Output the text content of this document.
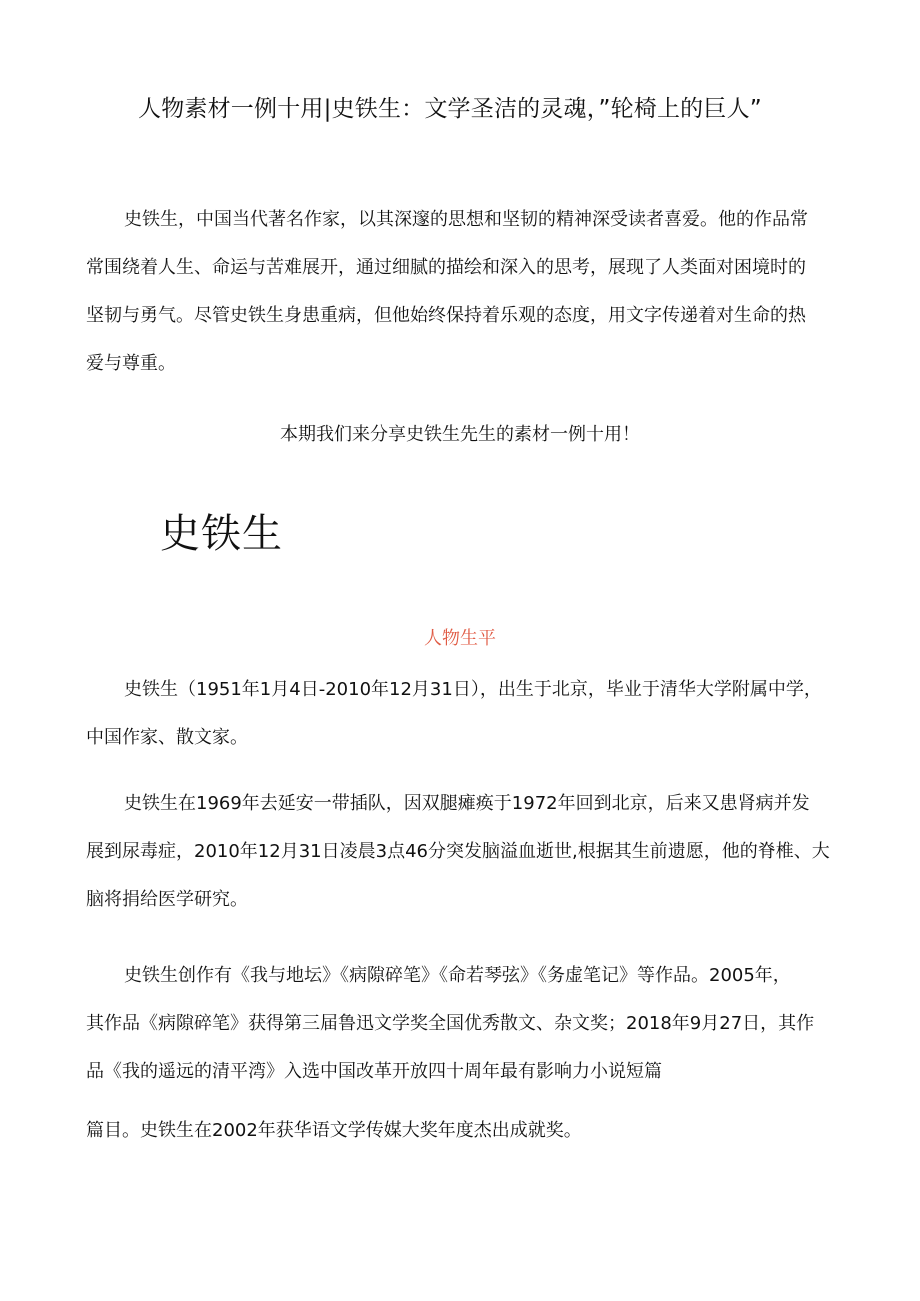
人物素材一例十用|史铁生：文学圣洁的灵魂，”轮椅上的巨人”

史铁生，中国当代著名作家，以其深邃的思想和坚韧的精神深受读者喜爱。他的作品常
常围绕着人生、命运与苦难展开，通过细腻的描绘和深入的思考，展现了人类面对困境时的
坚韧与勇气。尽管史铁生身患重病，但他始终保持着乐观的态度，用文字传递着对生命的热
爱与尊重。

本期我们来分享史铁生先生的素材一例十用！
史铁生
人物生平

史铁生（1951年1月4日-2010年12月31日），出生于北京，毕业于清华大学附属中学，
中国作家、散文家。

史铁生在1969年去延安一带插队，因双腿瘫痪于1972年回到北京，后来又患肾病并发
展到尿毒症，2010年12月31日凌晨3点46分突发脑溢血逝世,根据其生前遗愿，他的脊椎、大
脑将捐给医学研究。

史铁生创作有《我与地坛》《病隙碎笔》《命若琴弦》《务虚笔记》等作品。2005年，
其作品《病隙碎笔》获得第三届鲁迅文学奖全国优秀散文、杂文奖；2018年9月27日，其作
品《我的遥远的清平湾》入选中国改革开放四十周年最有影响力小说短篇

篇目。史铁生在2002年获华语文学传媒大奖年度杰出成就奖。
